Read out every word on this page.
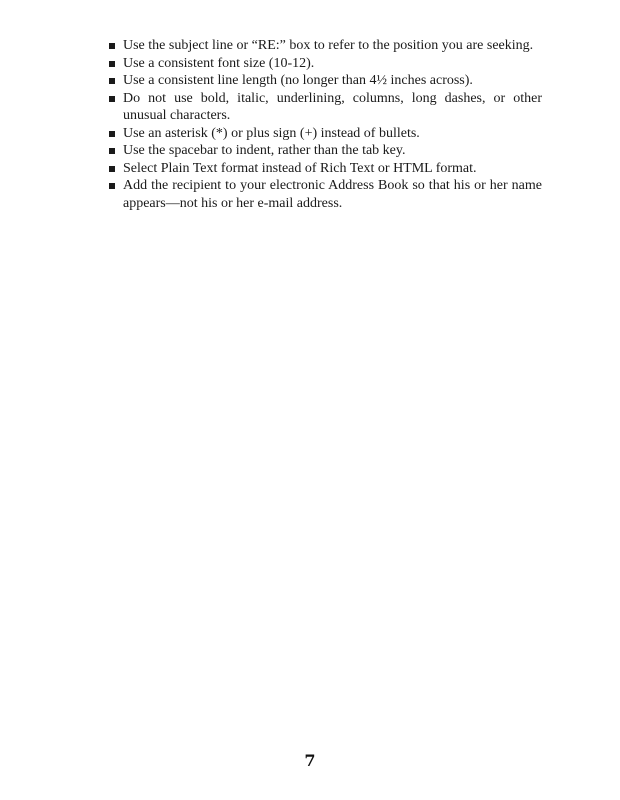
Use the subject line or “RE:” box to refer to the position you are seeking.
Use a consistent font size (10-12).
Use a consistent line length (no longer than 4½ inches across).
Do not use bold, italic, underlining, columns, long dashes, or other unusual characters.
Use an asterisk (*) or plus sign (+) instead of bullets.
Use the spacebar to indent, rather than the tab key.
Select Plain Text format instead of Rich Text or HTML format.
Add the recipient to your electronic Address Book so that his or her name appears—not his or her e-mail address.
7
